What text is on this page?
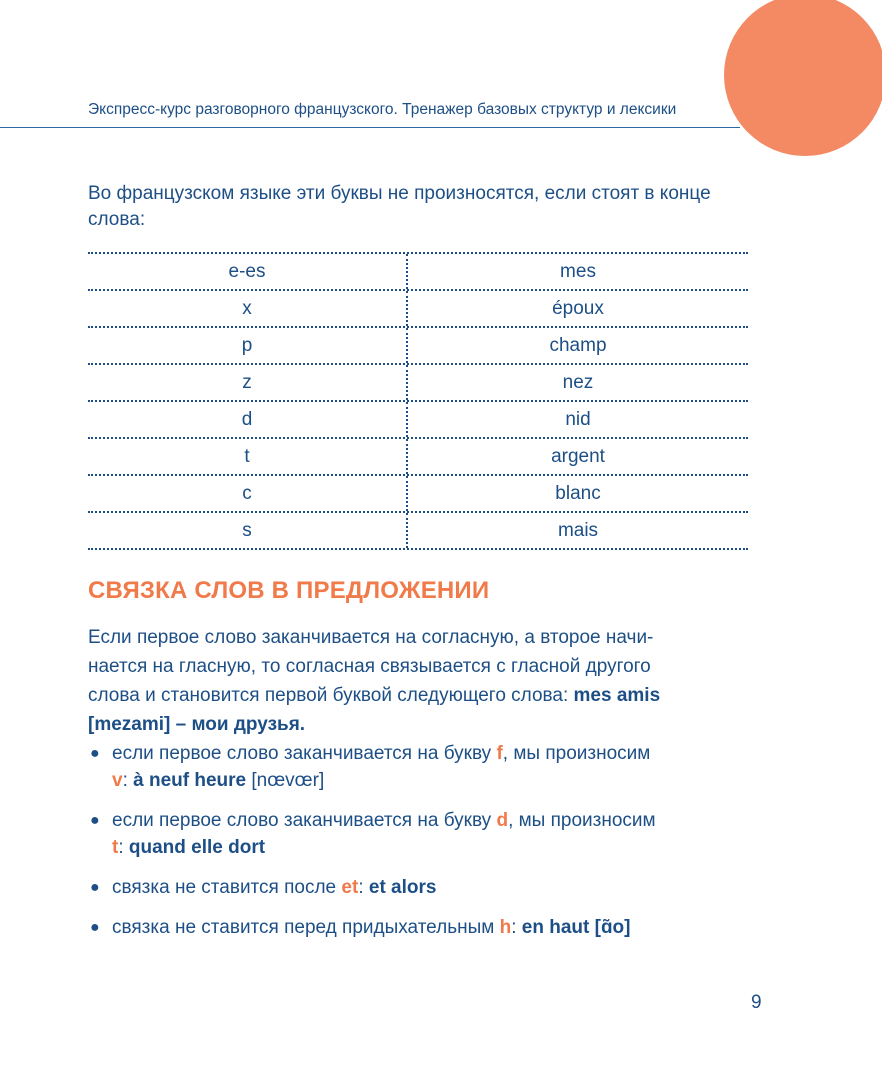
Экспресс-курс разговорного французского. Тренажер базовых структур и лексики
Во французском языке эти буквы не произносятся, если стоят в конце слова:
e-es	mes
x	époux
p	champ
z	nez
d	nid
t	argent
c	blanc
s	mais
СВЯЗКА СЛОВ В ПРЕДЛОЖЕНИИ
Если первое слово заканчивается на согласную, а второе начи-
нается на гласную, то согласная связывается с гласной другого
слова и становится первой буквой следующего слова: mes amis
[mezami] – мои друзья.
● если первое слово заканчивается на букву f, мы произносим
v: à neuf heure [nœvœr]
● если первое слово заканчивается на букву d, мы произносим
t: quand elle dort
● связка не ставится после et: et alors
● связка не ставится перед придыхательным h: en haut [ɑ̃o]
9
